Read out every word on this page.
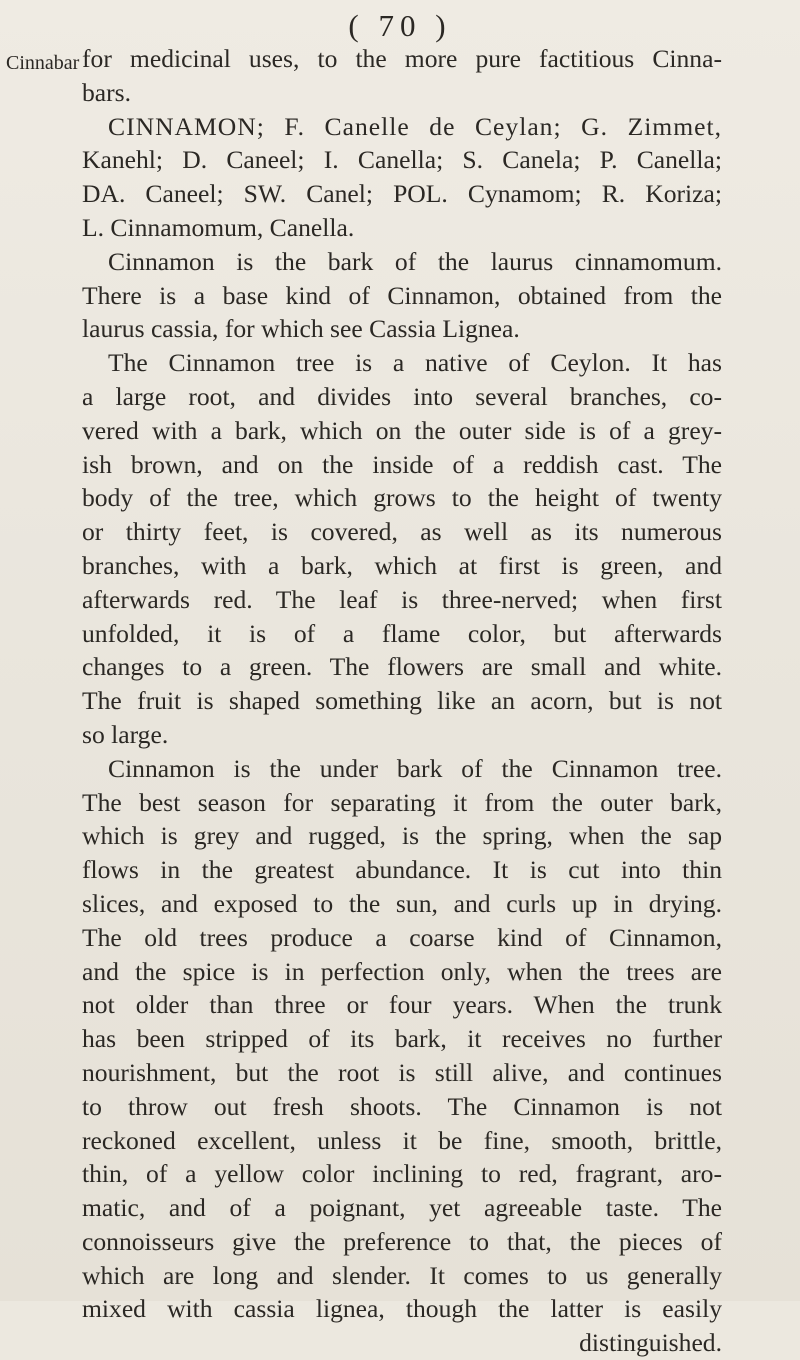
( 70 )
Cinnabar for medicinal uses, to the more pure factitious Cinna-
bars.
CINNAMON; F. Canelle de Ceylan; G. Zimmet,
Kanehl; D. Caneel; I. Canella; S. Canela; P. Canella;
DA. Caneel; SW. Canel; POL. Cynamom; R. Koriza;
L. Cinnamomum, Canella.
Cinnamon is the bark of the laurus cinnamomum.
There is a base kind of Cinnamon, obtained from the
laurus cassia, for which see Cassia Lignea.
The Cinnamon tree is a native of Ceylon. It has
a large root, and divides into several branches, co-
vered with a bark, which on the outer side is of a grey-
ish brown, and on the inside of a reddish cast. The
body of the tree, which grows to the height of twenty
or thirty feet, is covered, as well as its numerous
branches, with a bark, which at first is green, and
afterwards red. The leaf is three-nerved; when first
unfolded, it is of a flame color, but afterwards
changes to a green. The flowers are small and white.
The fruit is shaped something like an acorn, but is not
so large.
Cinnamon is the under bark of the Cinnamon tree.
The best season for separating it from the outer bark,
which is grey and rugged, is the spring, when the sap
flows in the greatest abundance. It is cut into thin
slices, and exposed to the sun, and curls up in drying.
The old trees produce a coarse kind of Cinnamon,
and the spice is in perfection only, when the trees are
not older than three or four years. When the trunk
has been stripped of its bark, it receives no further
nourishment, but the root is still alive, and continues
to throw out fresh shoots. The Cinnamon is not
reckoned excellent, unless it be fine, smooth, brittle,
thin, of a yellow color inclining to red, fragrant, aro-
matic, and of a poignant, yet agreeable taste. The
connoisseurs give the preference to that, the pieces of
which are long and slender. It comes to us generally
mixed with cassia lignea, though the latter is easily
distinguished.
